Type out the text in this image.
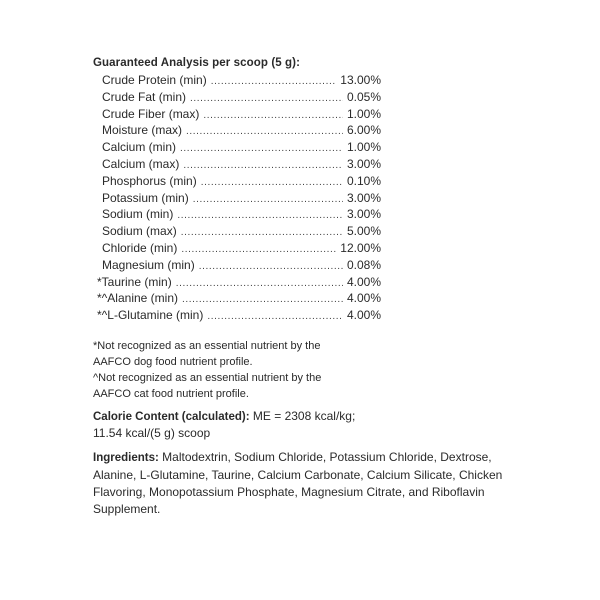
Guaranteed Analysis per scoop (5 g):
Crude Protein (min) .....	13.00%
Crude Fat (min) .....	0.05%
Crude Fiber (max) .....	1.00%
Moisture (max) .....	6.00%
Calcium (min) .....	1.00%
Calcium (max) .....	3.00%
Phosphorus (min) .....	0.10%
Potassium (min) .....	3.00%
Sodium (min) .....	3.00%
Sodium (max) .....	5.00%
Chloride (min) .....	12.00%
Magnesium (min) .....	0.08%
*Taurine (min) .....	4.00%
*^Alanine (min) .....	4.00%
*^L-Glutamine (min) .....	4.00%

*Not recognized as an essential nutrient by the

AAFCO dog food nutrient profile.

^Not recognized as an essential nutrient by the

AAFCO cat food nutrient profile.

Calorie Content (calculated): ME = 2308 kcal/kg;
11.54 kcal/(5 g) scoop
Ingredients: Maltodextrin, Sodium Chloride, Potassium Chloride, Dextrose, Alanine, L-Glutamine, Taurine, Calcium Carbonate, Calcium Silicate, Chicken Flavoring, Monopotassium Phosphate, Magnesium Citrate, and Riboflavin Supplement.
